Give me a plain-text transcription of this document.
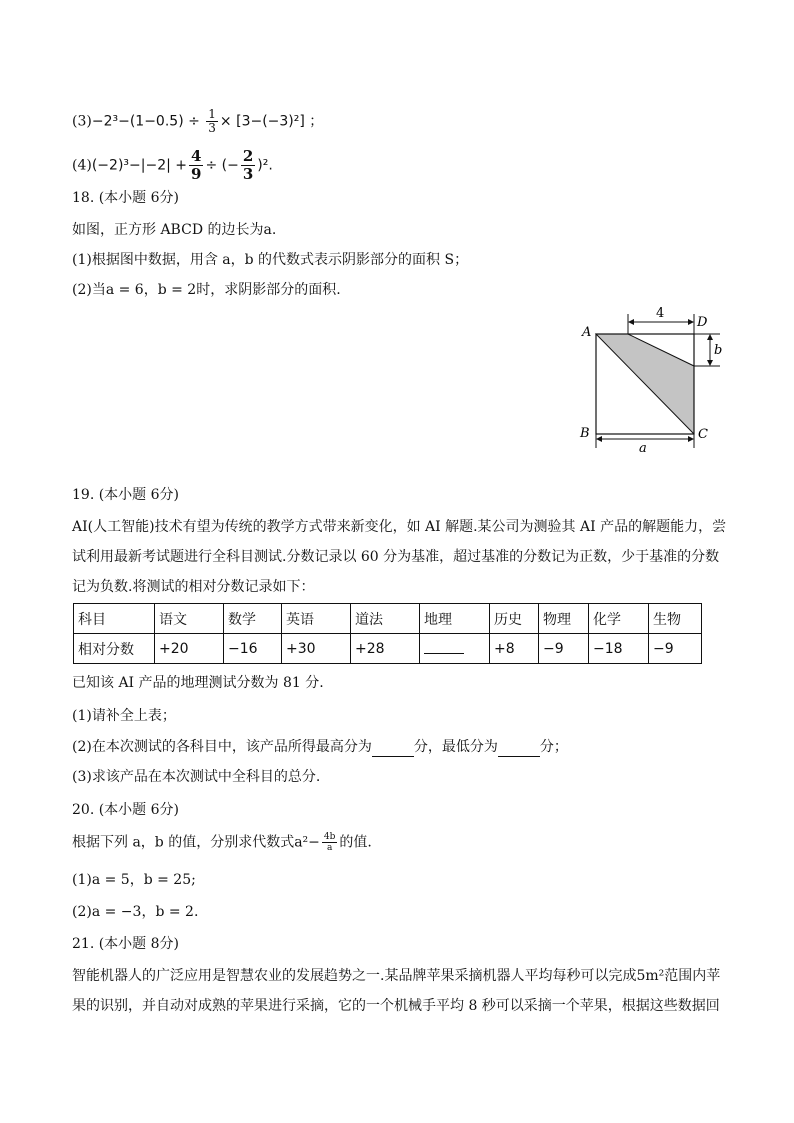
$(3)-2^3-(1-0.5) \div \frac{1}{3} \times [3-(-3)^2]$ ；
$(4)(-2)^3-|-2| + \frac{4}{9}$ ÷ (− $\frac{2}{3} )^2$.
18. (本小题 6分)
如图，正方形 ABCD 的边长为a.
(1)根据图中数据，用含 a，b 的代数式表示阴影部分的面积 S；
(2)当a = 6，b = 2时，求阴影部分的面积.
A
B	C
D
4
b
a
19. (本小题 6分)
AI(人工智能)技术有望为传统的教学方式带来新变化，如 AI 解题.某公司为测验其 AI 产品的解题能力，尝
试利用最新考试题进行全科目测试.分数记录以 60 分为基准，超过基准的分数记为正数，少于基准的分数
记为负数.将测试的相对分数记录如下：
科目	语文	数学	英语	道法	地理	历史	物理	化学	生物
相对分数	+20	−16	+30	+28		+8	−9	−18	−9
已知该 AI 产品的地理测试分数为 81 分.
(1)请补全上表；
(2)在本次测试的各科目中，该产品所得最高分为	分，最低分为	分；
(3)求该产品在本次测试中全科目的总分.
20. (本小题 6分)
根据下列 a，b 的值，分别求代数式$a^2- \frac{4b}{a}$ 的值.
(1)a = 5，b = 25;
(2)a = −3，b = 2.
21. (本小题 8分)
智能机器人的广泛应用是智慧农业的发展趋势之一.某品牌苹果采摘机器人平均每秒可以完成5m²范围内苹
果的识别，并自动对成熟的苹果进行采摘，它的一个机械手平均 8 秒可以采摘一个苹果，根据这些数据回
